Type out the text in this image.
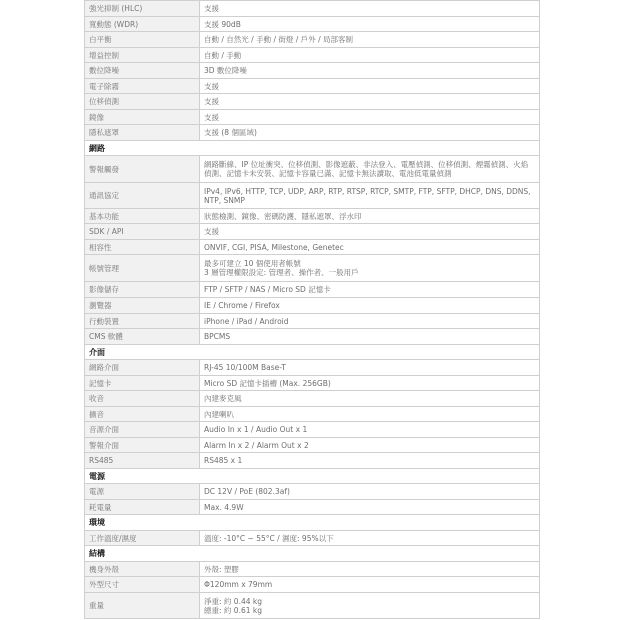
強光抑制 (HLC)	支援
寬動態 (WDR)	支援 90dB
白平衡	自動 / 自然光 / 手動 / 街燈 / 戶外 / 局部客制
增益控制	自動 / 手動
數位降噪	3D 數位降噪
電子除霧	支援
位移偵測	支援
鏡像	支援
隱私遮罩	支援 (8 個區域)
網路	
警報觸發	網路斷線、IP 位址衝突、位移偵測、影像遮蔽、非法登入、電壓偵測、位移偵測、煙霧偵測、火焰偵測、記憶卡未安裝、記憶卡容量已滿、記憶卡無法讀取、電池低電量偵測
通訊協定	IPv4, IPv6, HTTP, TCP, UDP, ARP, RTP, RTSP, RTCP, SMTP, FTP, SFTP, DHCP, DNS, DDNS, NTP, SNMP
基本功能	狀態檢測、鏡像、密碼防護、隱私遮罩、浮水印
SDK / API	支援
相容性	ONVIF, CGI, PISA, Milestone, Genetec
帳號管理	最多可建立 10 個使用者帳號
3 層管理權限設定: 管理者、操作者、一般用戶
影像儲存	FTP / SFTP / NAS / Micro SD 記憶卡
瀏覽器	IE / Chrome / Firefox
行動裝置	iPhone / iPad / Android
CMS 軟體	BPCMS
介面	
網路介面	RJ-45 10/100M Base-T
記憶卡	Micro SD 記憶卡插槽 (Max. 256GB)
收音	內建麥克風
擴音	內建喇叭
音源介面	Audio In x 1 / Audio Out x 1
警報介面	Alarm In x 2 / Alarm Out x 2
RS485	RS485 x 1
電源	
電源	DC 12V / PoE (802.3af)
耗電量	Max. 4.9W
環境	
工作溫度/濕度	溫度: -10°C ~ 55°C / 濕度: 95%以下
結構	
機身外殼	外殼: 塑膠
外型尺寸	Φ120mm x 79mm
重量	淨重: 約 0.44 kg
總重: 約 0.61 kg
